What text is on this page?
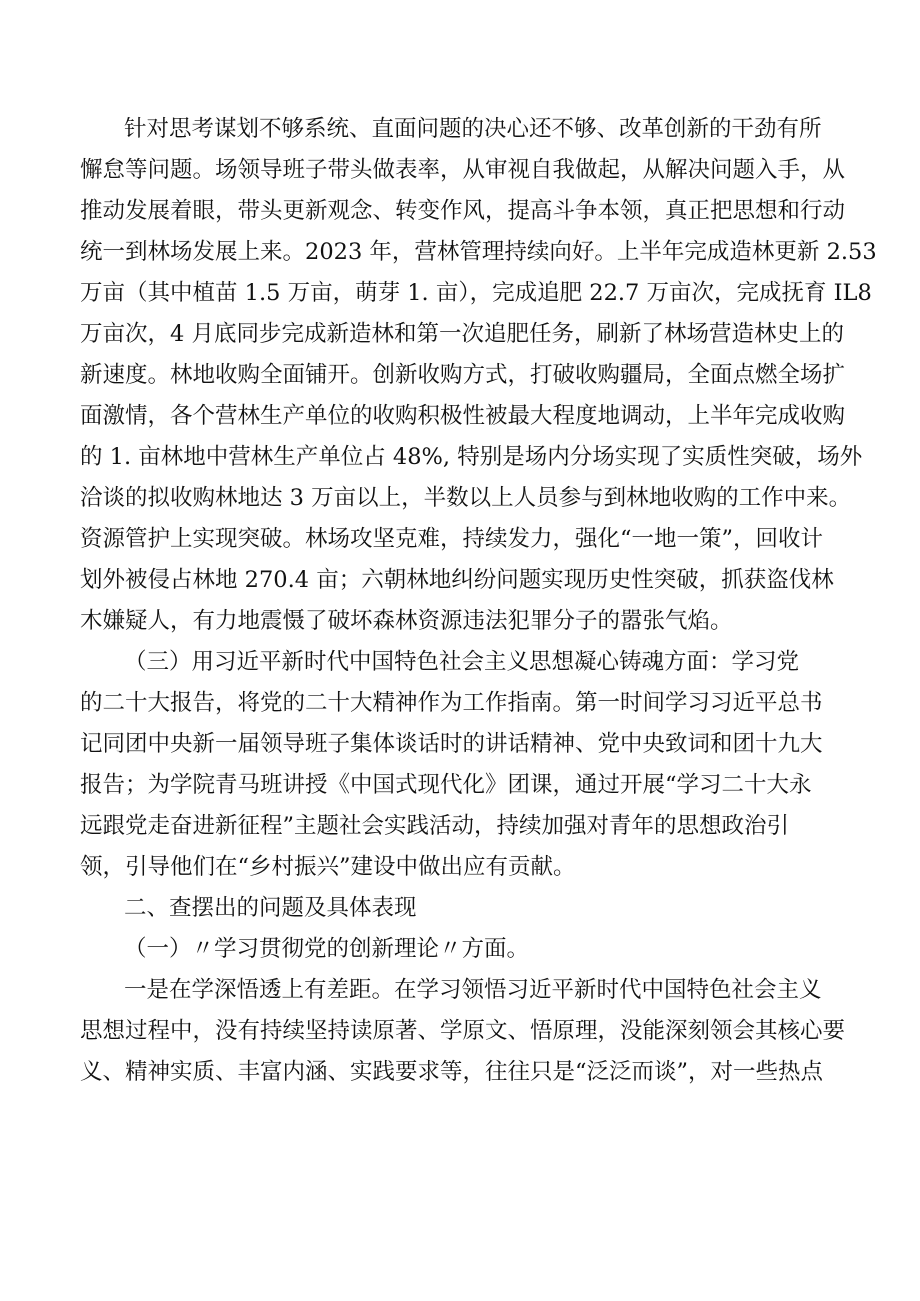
针对思考谋划不够系统、直面问题的决心还不够、改革创新的干劲有所

懈怠等问题。场领导班子带头做表率，从审视自我做起，从解决问题入手，从

推动发展着眼，带头更新观念、转变作风，提高斗争本领，真正把思想和行动

统一到林场发展上来。2023 年，营林管理持续向好。上半年完成造林更新 2.53

万亩（其中植苗 1.5 万亩，萌芽 1. 亩），完成追肥 22.7 万亩次，完成抚育 IL8

万亩次，4 月底同步完成新造林和第一次追肥任务，刷新了林场营造林史上的

新速度。林地收购全面铺开。创新收购方式，打破收购疆局，全面点燃全场扩

面激情，各个营林生产单位的收购积极性被最大程度地调动，上半年完成收购

的 1. 亩林地中营林生产单位占 48%, 特别是场内分场实现了实质性突破，场外

洽谈的拟收购林地达 3 万亩以上，半数以上人员参与到林地收购的工作中来。

资源管护上实现突破。林场攻坚克难，持续发力，强化“一地一策”，回收计

划外被侵占林地 270.4 亩；六朝林地纠纷问题实现历史性突破，抓获盗伐林

木嫌疑人，有力地震慑了破坏森林资源违法犯罪分子的嚣张气焰。

（三）用习近平新时代中国特色社会主义思想凝心铸魂方面：学习党

的二十大报告，将党的二十大精神作为工作指南。第一时间学习习近平总书

记同团中央新一届领导班子集体谈话时的讲话精神、党中央致词和团十九大

报告；为学院青马班讲授《中国式现代化》团课，通过开展“学习二十大永

远跟党走奋进新征程”主题社会实践活动，持续加强对青年的思想政治引

领，引导他们在“乡村振兴”建设中做出应有贡献。

二、查摆出的问题及具体表现

（一）〃学习贯彻党的创新理论〃方面。

一是在学深悟透上有差距。在学习领悟习近平新时代中国特色社会主义

思想过程中，没有持续坚持读原著、学原文、悟原理，没能深刻领会其核心要

义、精神实质、丰富内涵、实践要求等，往往只是“泛泛而谈”，对一些热点
